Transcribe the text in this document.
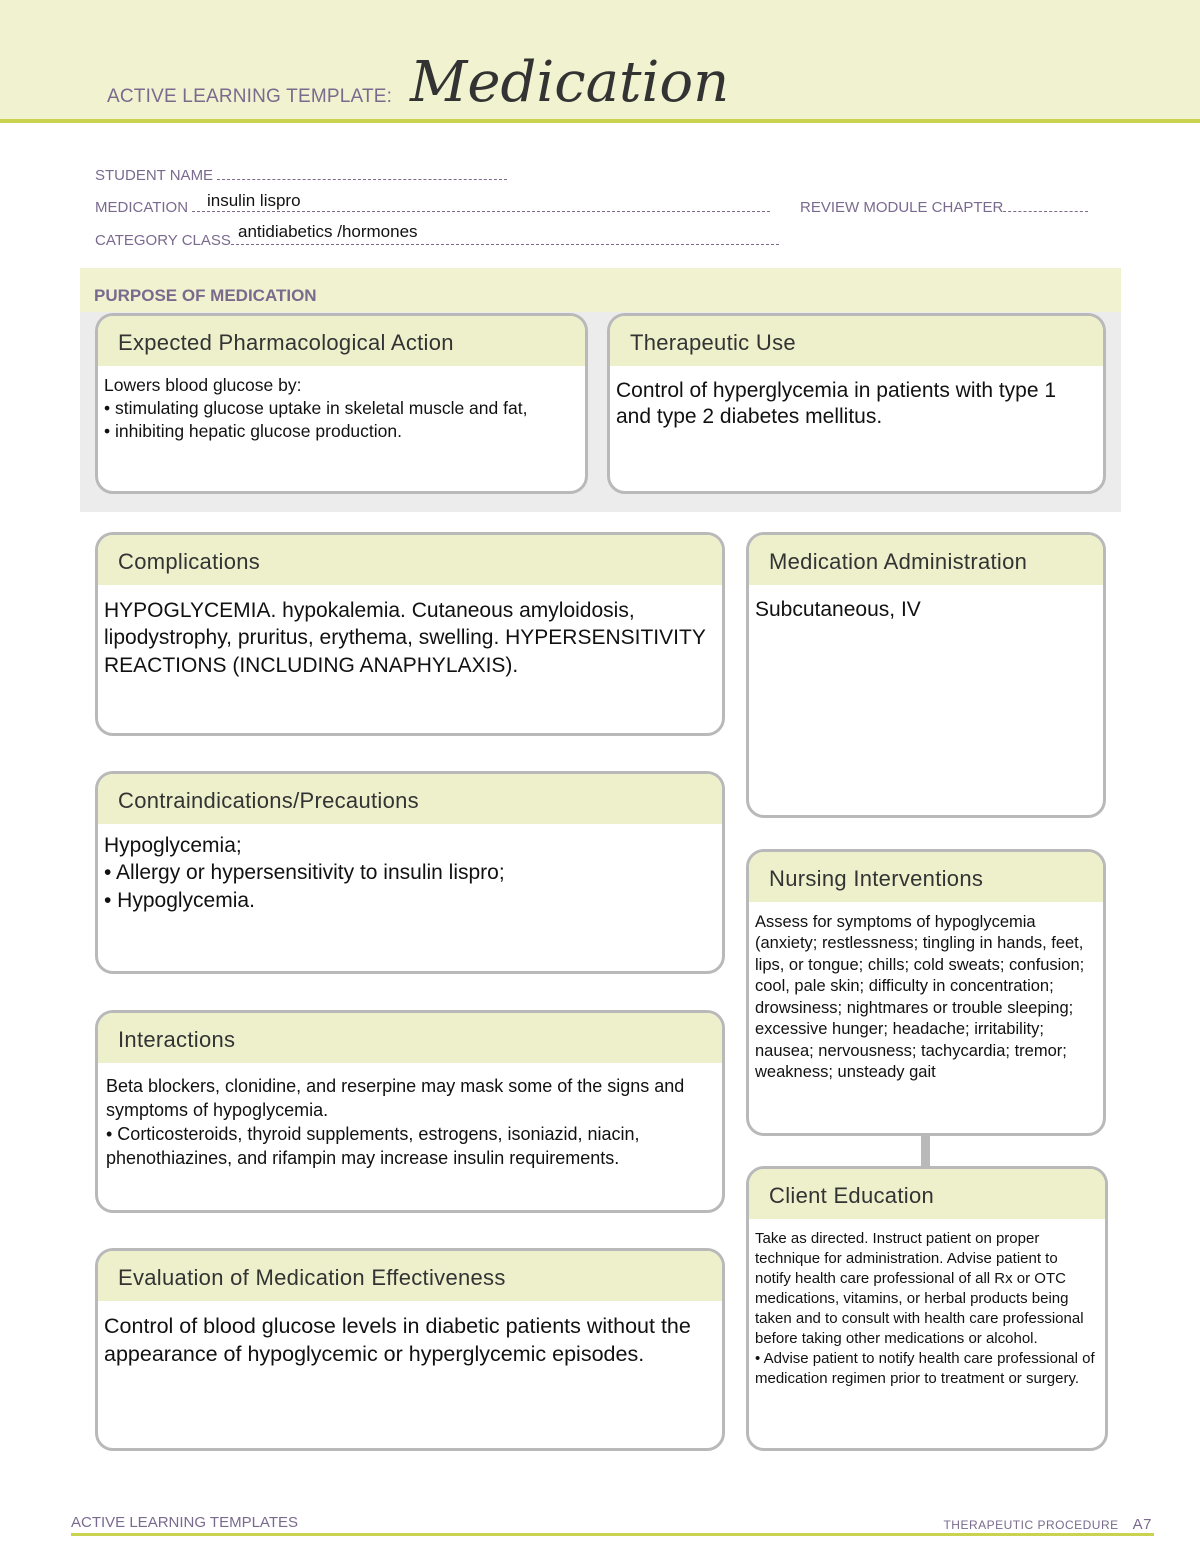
ACTIVE LEARNING TEMPLATE: Medication
STUDENT NAME
MEDICATION	insulin lispro	REVIEW MODULE CHAPTER
CATEGORY CLASS antidiabetics /hormones
PURPOSE OF MEDICATION
Expected Pharmacological Action
Lowers blood glucose by:
• stimulating glucose uptake in skeletal muscle and fat,
• inhibiting hepatic glucose production.
Therapeutic Use
Control of hyperglycemia in patients with type 1 and type 2 diabetes mellitus.
Complications
HYPOGLYCEMIA. hypokalemia. Cutaneous amyloidosis, lipodystrophy, pruritus, erythema, swelling. HYPERSENSITIVITY REACTIONS (INCLUDING ANAPHYLAXIS).
Medication Administration
Subcutaneous, IV
Contraindications/Precautions
Hypoglycemia;
• Allergy or hypersensitivity to insulin lispro;
• Hypoglycemia.
Nursing Interventions
Assess for symptoms of hypoglycemia (anxiety; restlessness; tingling in hands, feet, lips, or tongue; chills; cold sweats; confusion; cool, pale skin; difficulty in concentration; drowsiness; nightmares or trouble sleeping; excessive hunger; headache; irritability; nausea; nervousness; tachycardia; tremor; weakness; unsteady gait
Interactions
Beta blockers, clonidine, and reserpine may mask some of the signs and symptoms of hypoglycemia.
• Corticosteroids, thyroid supplements, estrogens, isoniazid, niacin, phenothiazines, and rifampin may increase insulin requirements.
Client Education
Take as directed. Instruct patient on proper technique for administration. Advise patient to notify health care professional of all Rx or OTC medications, vitamins, or herbal products being taken and to consult with health care professional before taking other medications or alcohol.
• Advise patient to notify health care professional of medication regimen prior to treatment or surgery.
Evaluation of Medication Effectiveness
Control of blood glucose levels in diabetic patients without the appearance of hypoglycemic or hyperglycemic episodes.
ACTIVE LEARNING TEMPLATES	THERAPEUTIC PROCEDURE A7
